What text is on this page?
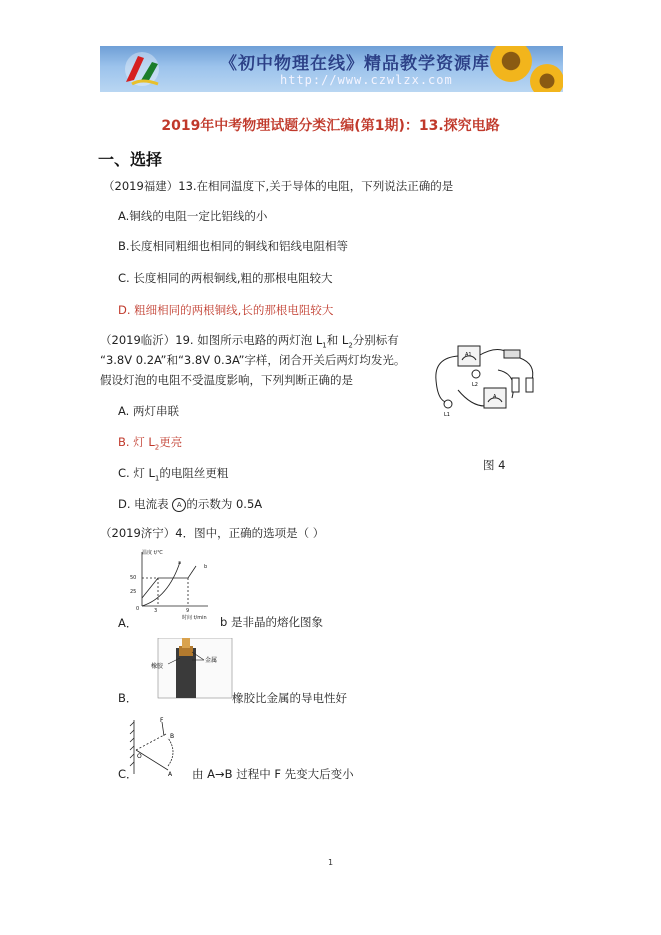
《初中物理在线》精品教学资源库
http://www.czwlzx.com
2019年中考物理试题分类汇编(第1期)：13.探究电路
一、选择
（2019福建）13.在相同温度下,关于导体的电阻，下列说法正确的是
A.铜线的电阻一定比铝线的小
B.长度相同粗细也相同的铜线和铝线电阻相等
C. 长度相同的两根铜线,粗的那根电阻较大
D. 粗细相同的两根铜线,长的那根电阻较大
（2019临沂）19. 如图所示电路的两灯泡 $L_1$和 $L_2$分别标有
“3.8V 0.2A”和“3.8V 0.3A”字样，闭合开关后两灯均发光。
假设灯泡的电阻不受温度影响，下列判断正确的是
A. 两灯串联
B. 灯 $L_2$更亮
C. 灯 $L_1$的电阻丝更粗
D. 电流表 A 的示数为 0.5A
A1
A
L2
L1
图 4
（2019济宁）4．图中，正确的选项是（ ）
温度 t/℃
50
25
0	3	9
时间 t/min
a
b
A．	b 是非晶的熔化图象
橡胶
金属
B．	橡胶比金属的导电性好
F
B
A
O
C．	由 A→B 过程中 F 先变大后变小
1
